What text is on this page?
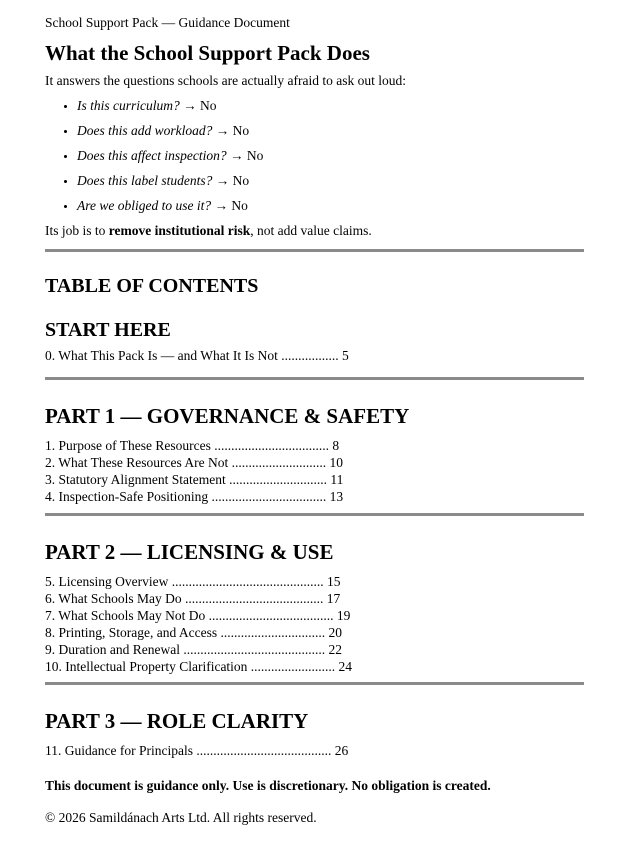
School Support Pack — Guidance Document

What the School Support Pack Does

It answers the questions schools are actually afraid to ask out loud:

• Is this curriculum? → No
• Does this add workload? → No
• Does this affect inspection? → No
• Does this label students? → No
• Are we obliged to use it? → No

Its job is to remove institutional risk, not add value claims.

TABLE OF CONTENTS
START HERE

0. What This Pack Is — and What It Is Not ................. 5

PART 1 — GOVERNANCE & SAFETY

1. Purpose of These Resources .................................. 8

2. What These Resources Are Not ............................ 10

3. Statutory Alignment Statement ............................. 11

4. Inspection-Safe Positioning .................................. 13

PART 2 — LICENSING & USE

5. Licensing Overview ............................................. 15

6. What Schools May Do ......................................... 17

7. What Schools May Not Do ..................................... 19

8. Printing, Storage, and Access ............................... 20

9. Duration and Renewal .......................................... 22

10. Intellectual Property Clarification ......................... 24

PART 3 — ROLE CLARITY

11. Guidance for Principals ........................................ 26

This document is guidance only. Use is discretionary. No obligation is created.

© 2026 Samildánach Arts Ltd. All rights reserved.
